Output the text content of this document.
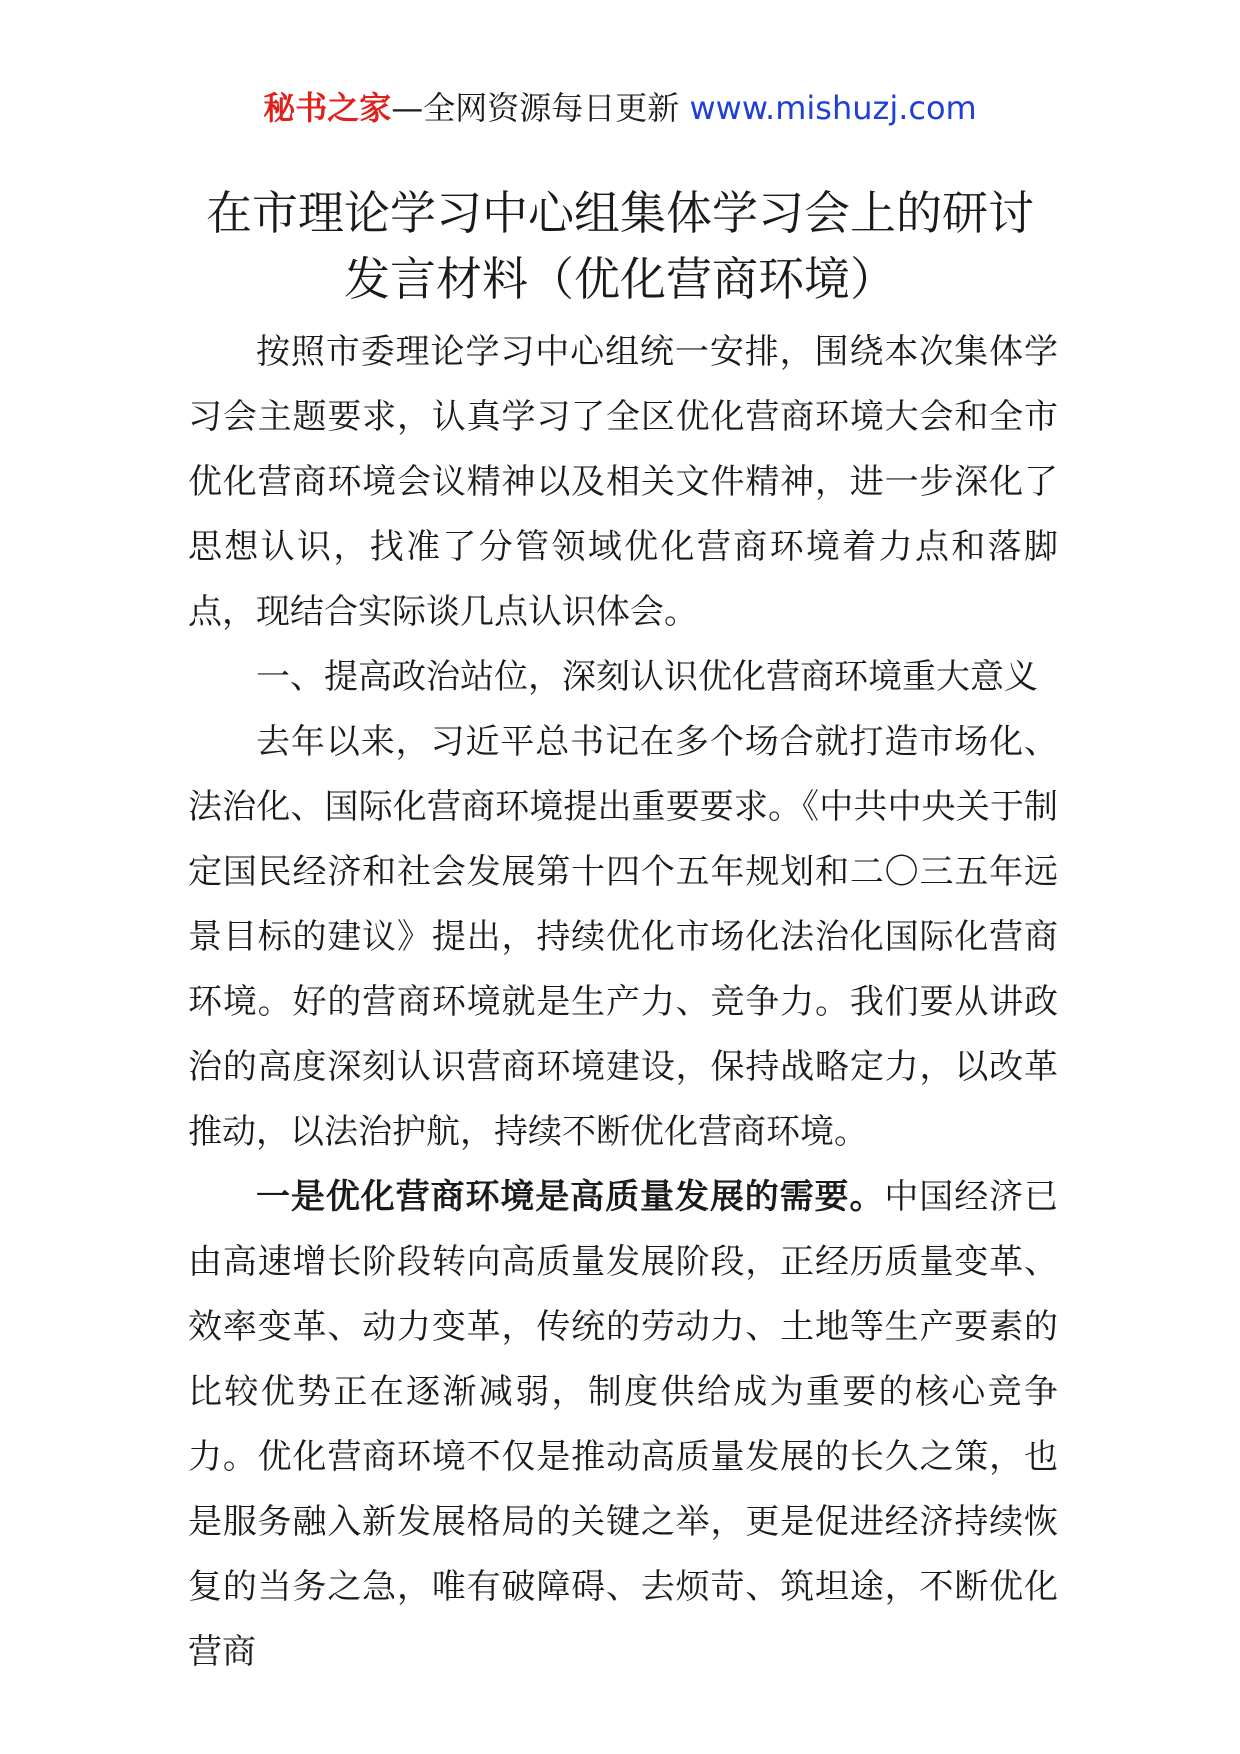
秘书之家—全网资源每日更新 www.mishuzj.com
在市理论学习中心组集体学习会上的研讨
发言材料（优化营商环境）

按照市委理论学习中心组统一安排，围绕本次集体学习会主题要求，认真学习了全区优化营商环境大会和全市优化营商环境会议精神以及相关文件精神，进一步深化了思想认识，找准了分管领域优化营商环境着力点和落脚点，现结合实际谈几点认识体会。

一、提高政治站位，深刻认识优化营商环境重大意义

去年以来，习近平总书记在多个场合就打造市场化、法治化、国际化营商环境提出重要要求。《中共中央关于制定国民经济和社会发展第十四个五年规划和二〇三五年远景目标的建议》提出，持续优化市场化法治化国际化营商环境。好的营商环境就是生产力、竞争力。我们要从讲政治的高度深刻认识营商环境建设，保持战略定力，以改革推动，以法治护航，持续不断优化营商环境。

一是优化营商环境是高质量发展的需要。中国经济已由高速增长阶段转向高质量发展阶段，正经历质量变革、效率变革、动力变革，传统的劳动力、土地等生产要素的比较优势正在逐渐减弱，制度供给成为重要的核心竞争力。优化营商环境不仅是推动高质量发展的长久之策，也是服务融入新发展格局的关键之举，更是促进经济持续恢复的当务之急，唯有破障碍、去烦苛、筑坦途，不断优化营商
